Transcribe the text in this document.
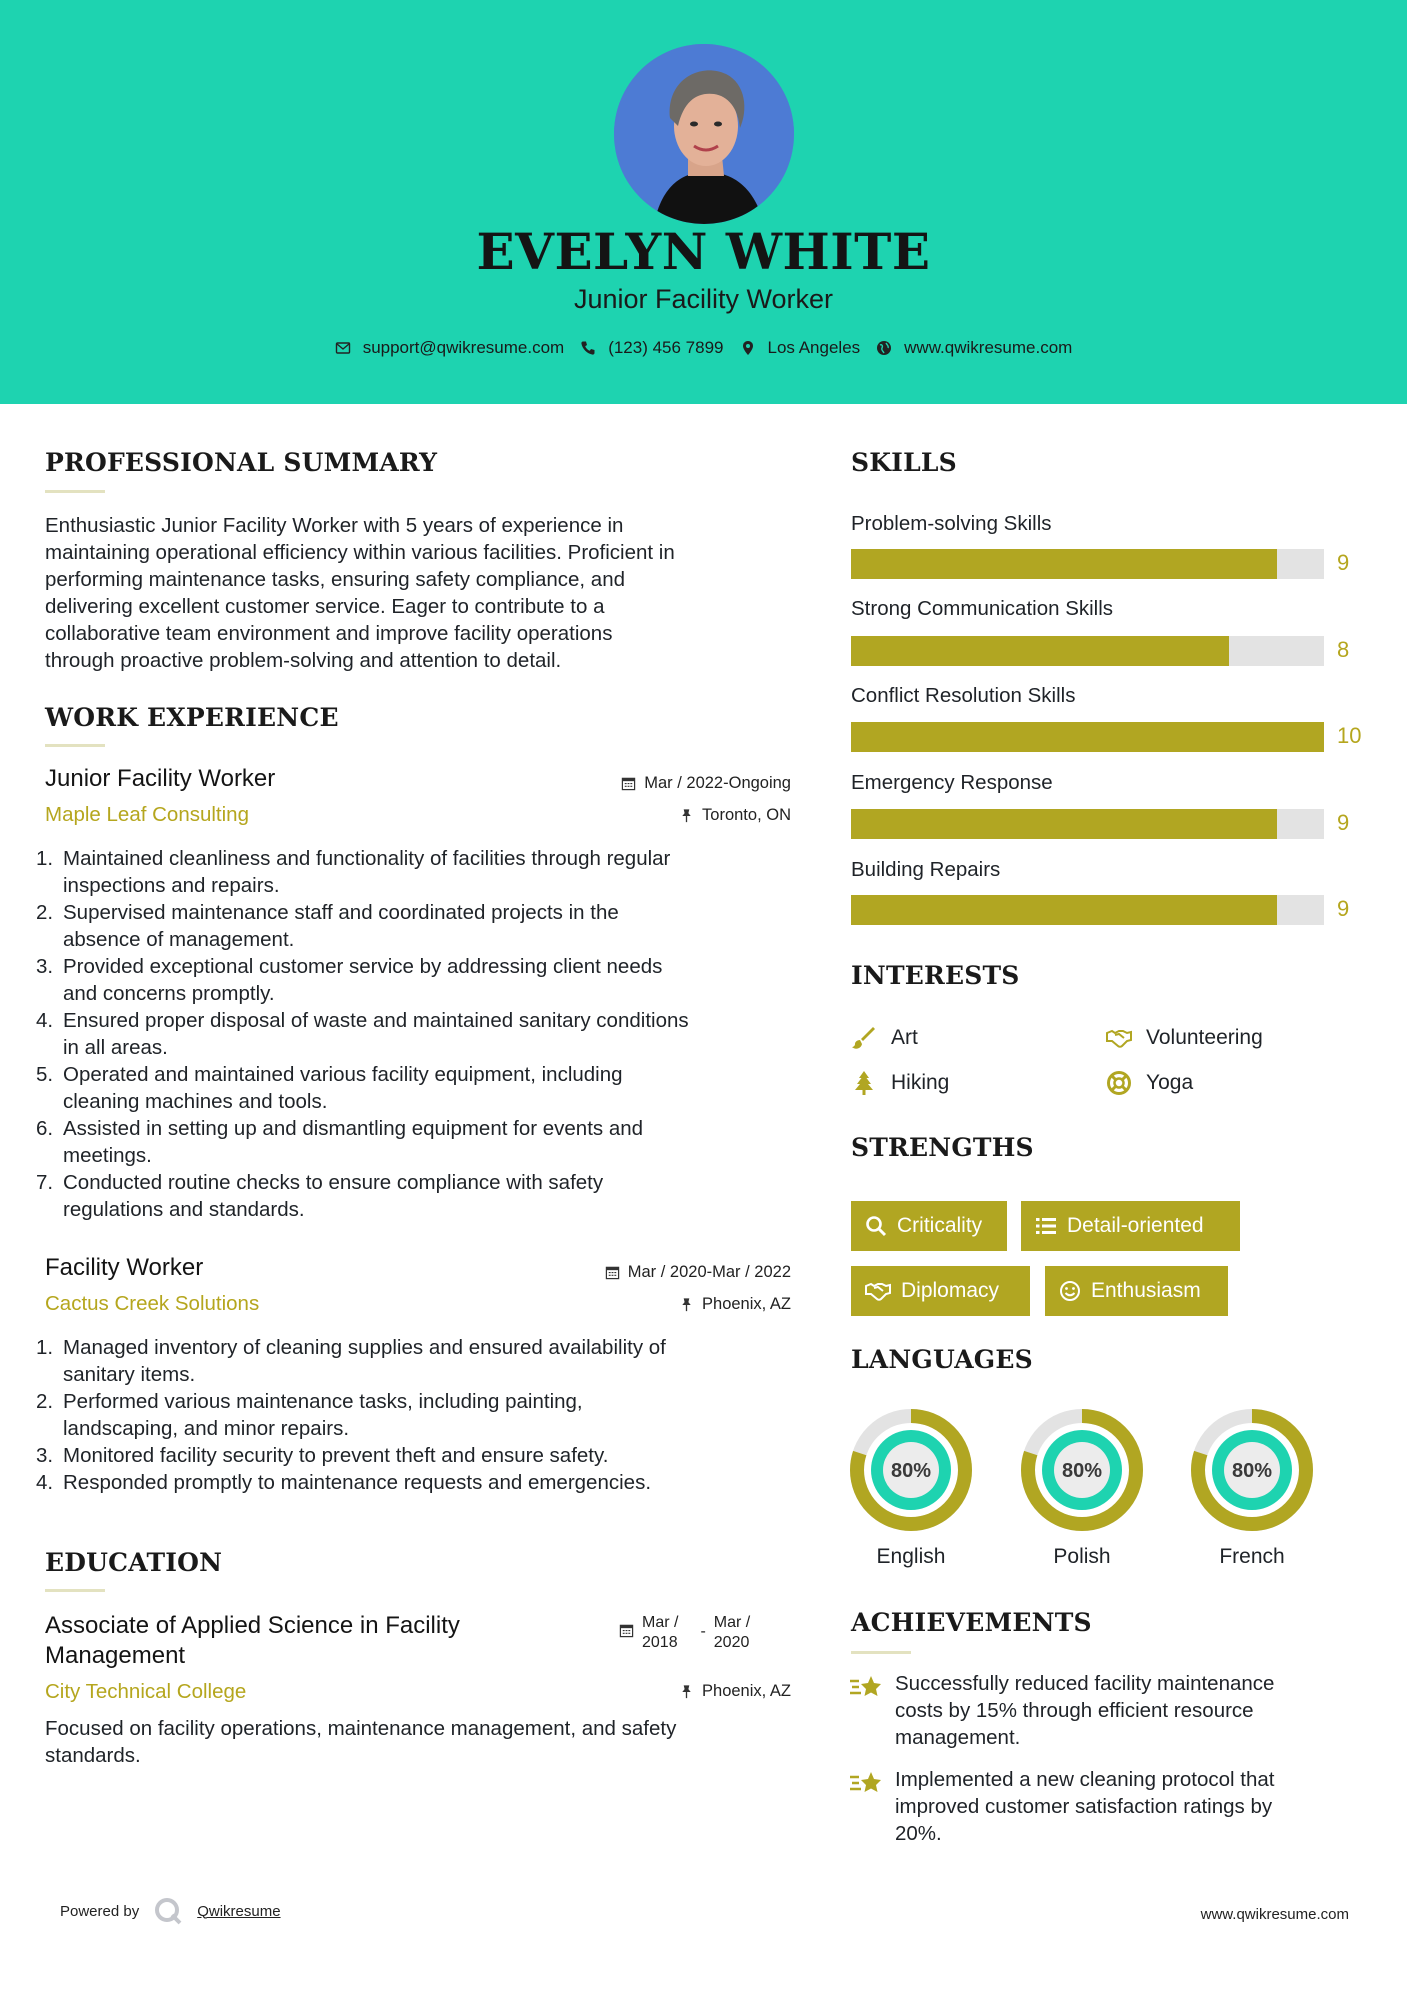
EVELYN WHITE
Junior Facility Worker
support@qwikresume.com	(123) 456 7899	Los Angeles	www.qwikresume.com
PROFESSIONAL SUMMARY
Enthusiastic Junior Facility Worker with 5 years of experience in
maintaining operational efficiency within various facilities. Proficient in
performing maintenance tasks, ensuring safety compliance, and
delivering excellent customer service. Eager to contribute to a
collaborative team environment and improve facility operations
through proactive problem-solving and attention to detail.
WORK EXPERIENCE
Junior Facility Worker	Mar / 2022-Ongoing
Maple Leaf Consulting	Toronto, ON
1. Maintained cleanliness and functionality of facilities through regular
inspections and repairs.
2. Supervised maintenance staff and coordinated projects in the
absence of management.
3. Provided exceptional customer service by addressing client needs
and concerns promptly.
4. Ensured proper disposal of waste and maintained sanitary conditions
in all areas.
5. Operated and maintained various facility equipment, including
cleaning machines and tools.
6. Assisted in setting up and dismantling equipment for events and
meetings.
7. Conducted routine checks to ensure compliance with safety
regulations and standards.
Facility Worker	Mar / 2020-Mar / 2022
Cactus Creek Solutions	Phoenix, AZ
1. Managed inventory of cleaning supplies and ensured availability of
sanitary items.
2. Performed various maintenance tasks, including painting,
landscaping, and minor repairs.
3. Monitored facility security to prevent theft and ensure safety.
4. Responded promptly to maintenance requests and emergencies.
EDUCATION
Associate of Applied Science in Facility
Management
Mar /
2018
-
Mar /
2020
City Technical College	Phoenix, AZ
Focused on facility operations, maintenance management, and safety
standards.
SKILLS
Problem-solving Skills
9
Strong Communication Skills
8
Conflict Resolution Skills
10
Emergency Response
9
Building Repairs
9
INTERESTS
Art	Volunteering
Hiking	Yoga
STRENGTHS
Criticality	Detail-oriented
Diplomacy	Enthusiasm
LANGUAGES
80%
English
80%
Polish
80%
French
ACHIEVEMENTS
Successfully reduced facility maintenance
costs by 15% through efficient resource
management.
Implemented a new cleaning protocol that
improved customer satisfaction ratings by
20%.
Powered by	Qwikresume	www.qwikresume.com
